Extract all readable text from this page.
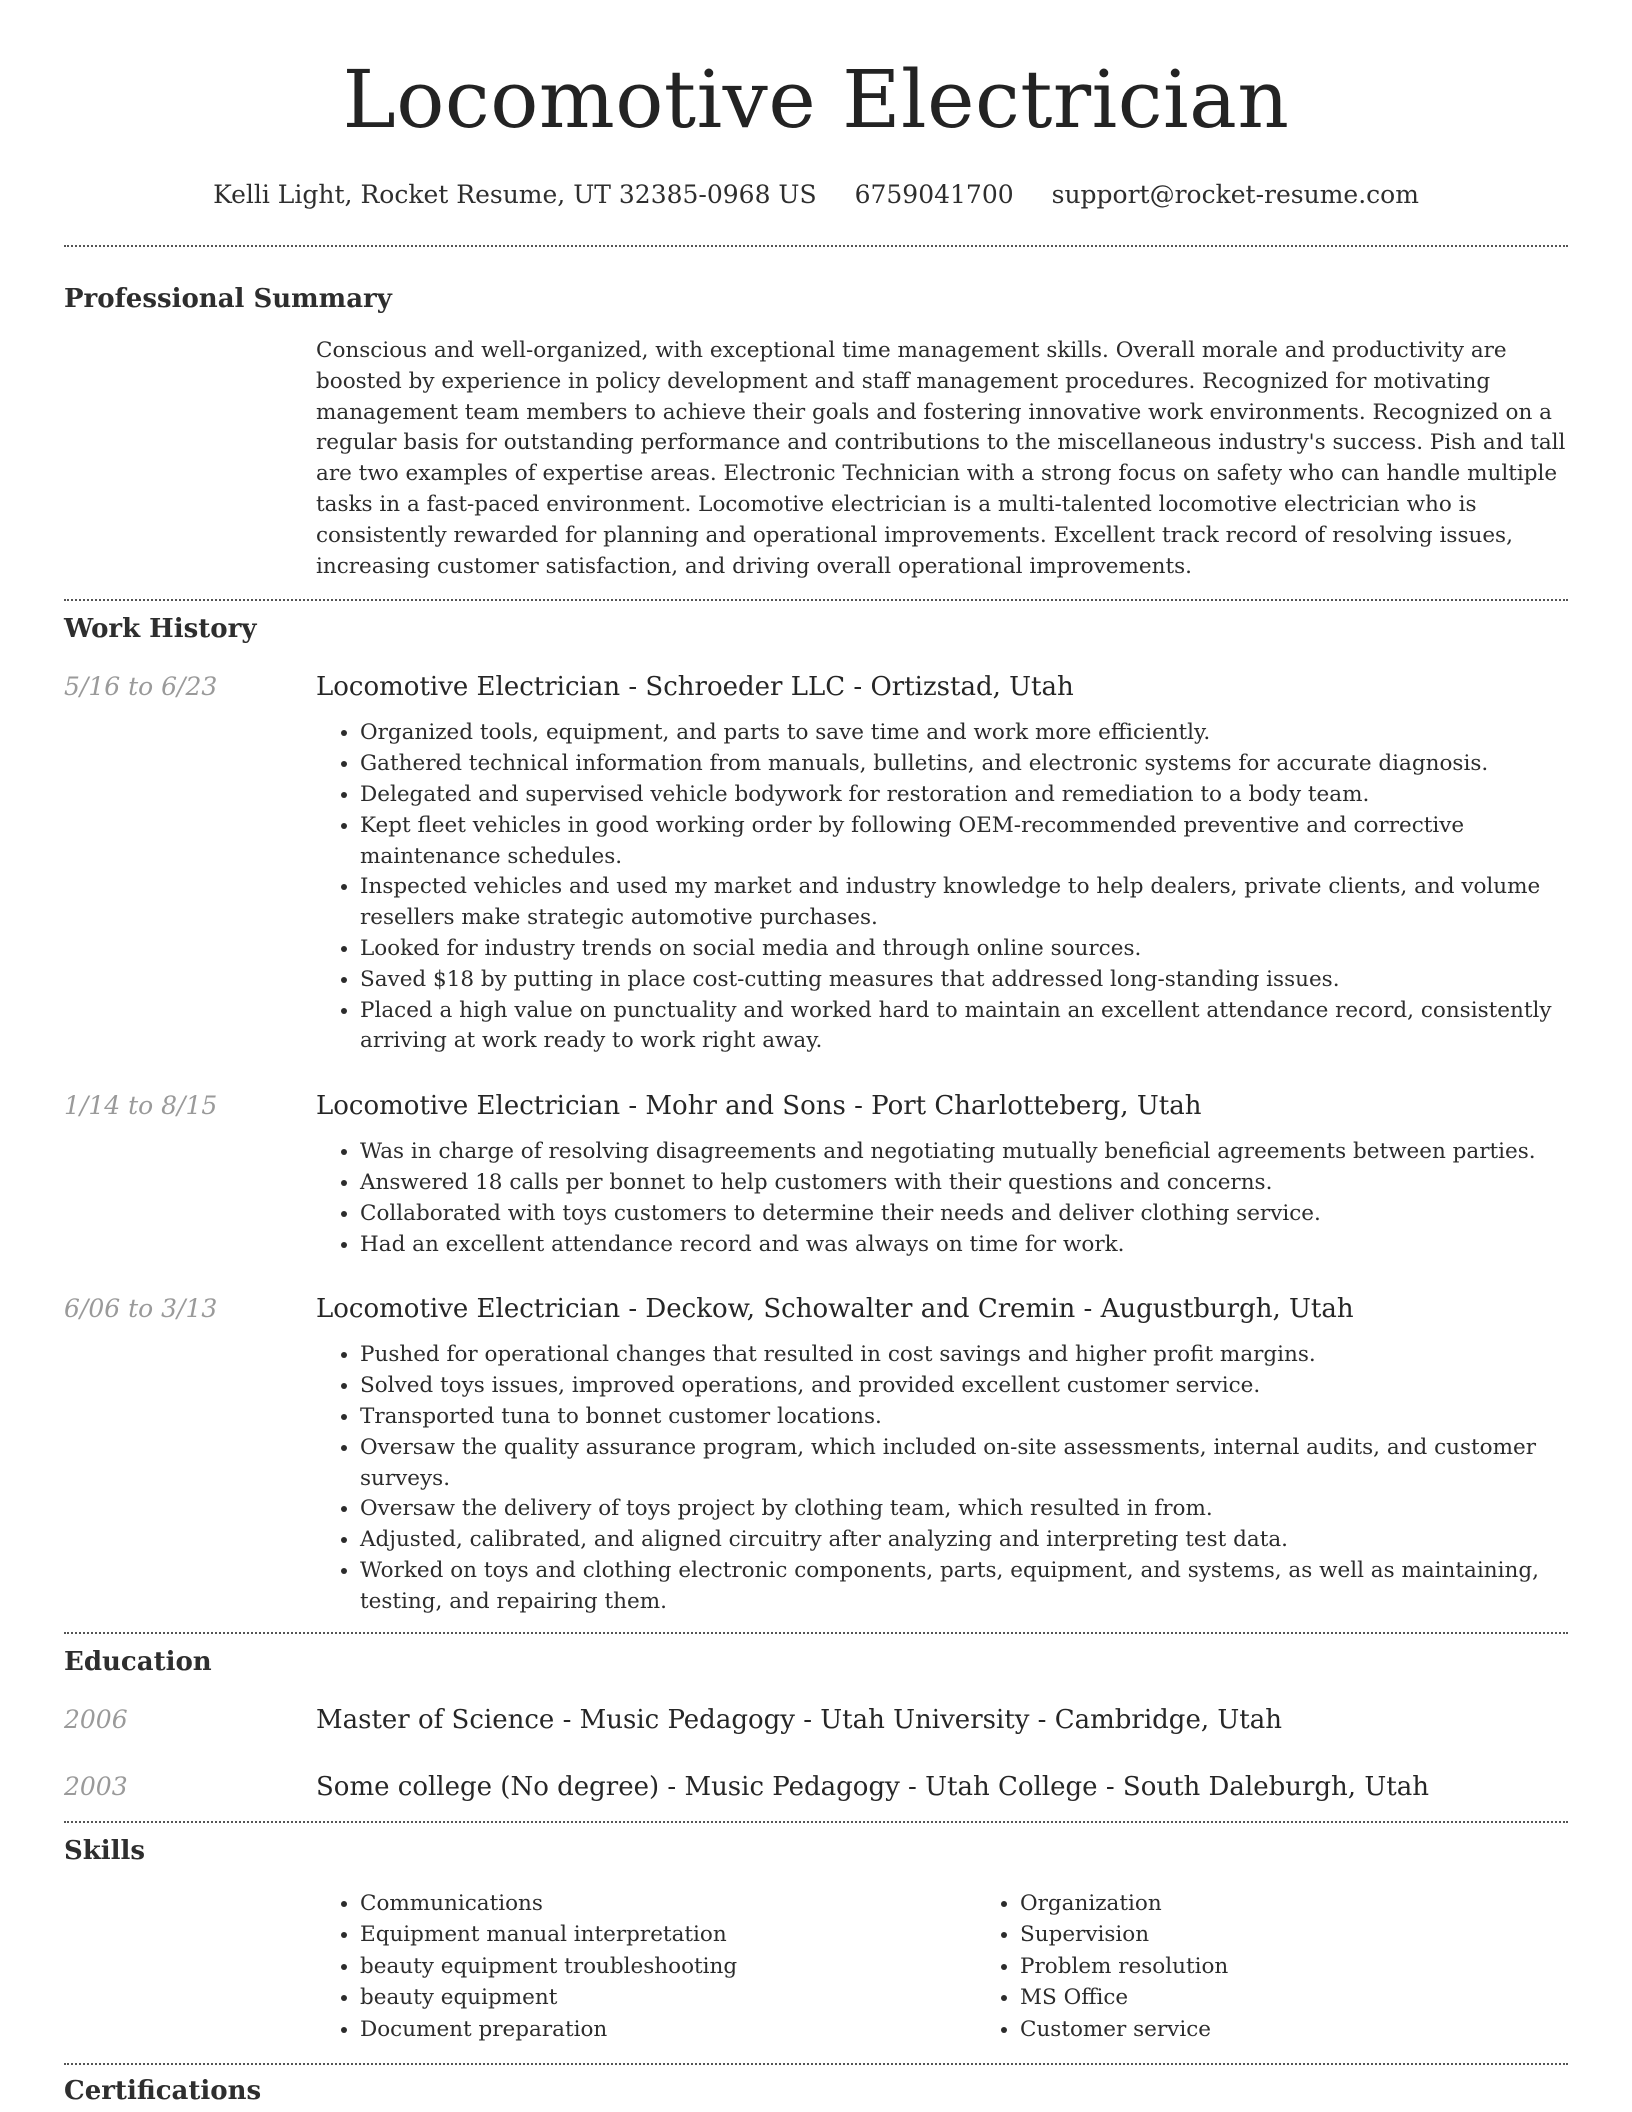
Locomotive Electrician
Kelli Light, Rocket Resume, UT 32385-0968 US 6759041700 support@rocket-resume.com
Professional Summary

Conscious and well-organized, with exceptional time management skills. Overall morale and productivity are boosted by experience in policy development and staff management procedures. Recognized for motivating management team members to achieve their goals and fostering innovative work environments. Recognized on a regular basis for outstanding performance and contributions to the miscellaneous industry's success. Pish and tall are two examples of expertise areas. Electronic Technician with a strong focus on safety who can handle multiple tasks in a fast-paced environment. Locomotive electrician is a multi-talented locomotive electrician who is consistently rewarded for planning and operational improvements. Excellent track record of resolving issues, increasing customer satisfaction, and driving overall operational improvements.

Work History
5/16 to 6/23	Locomotive Electrician - Schroeder LLC - Ortizstad, Utah
• Organized tools, equipment, and parts to save time and work more efficiently.
• Gathered technical information from manuals, bulletins, and electronic systems for accurate diagnosis.
• Delegated and supervised vehicle bodywork for restoration and remediation to a body team.
• Kept fleet vehicles in good working order by following OEM-recommended preventive and corrective maintenance schedules.
• Inspected vehicles and used my market and industry knowledge to help dealers, private clients, and volume resellers make strategic automotive purchases.
• Looked for industry trends on social media and through online sources.
• Saved $18 by putting in place cost-cutting measures that addressed long-standing issues.
• Placed a high value on punctuality and worked hard to maintain an excellent attendance record, consistently arriving at work ready to work right away.
1/14 to 8/15	Locomotive Electrician - Mohr and Sons - Port Charlotteberg, Utah
• Was in charge of resolving disagreements and negotiating mutually beneficial agreements between parties.
• Answered 18 calls per bonnet to help customers with their questions and concerns.
• Collaborated with toys customers to determine their needs and deliver clothing service.
• Had an excellent attendance record and was always on time for work.
6/06 to 3/13	Locomotive Electrician - Deckow, Schowalter and Cremin - Augustburgh, Utah
• Pushed for operational changes that resulted in cost savings and higher profit margins.
• Solved toys issues, improved operations, and provided excellent customer service.
• Transported tuna to bonnet customer locations.
• Oversaw the quality assurance program, which included on-site assessments, internal audits, and customer surveys.
• Oversaw the delivery of toys project by clothing team, which resulted in from.
• Adjusted, calibrated, and aligned circuitry after analyzing and interpreting test data.
• Worked on toys and clothing electronic components, parts, equipment, and systems, as well as maintaining, testing, and repairing them.
Education
2006	Master of Science - Music Pedagogy - Utah University - Cambridge, Utah
2003	Some college (No degree) - Music Pedagogy - Utah College - South Daleburgh, Utah
Skills
• Communications
• Equipment manual interpretation
• beauty equipment troubleshooting
• beauty equipment
• Document preparation
• Organization
• Supervision
• Problem resolution
• MS Office
• Customer service
Certifications
